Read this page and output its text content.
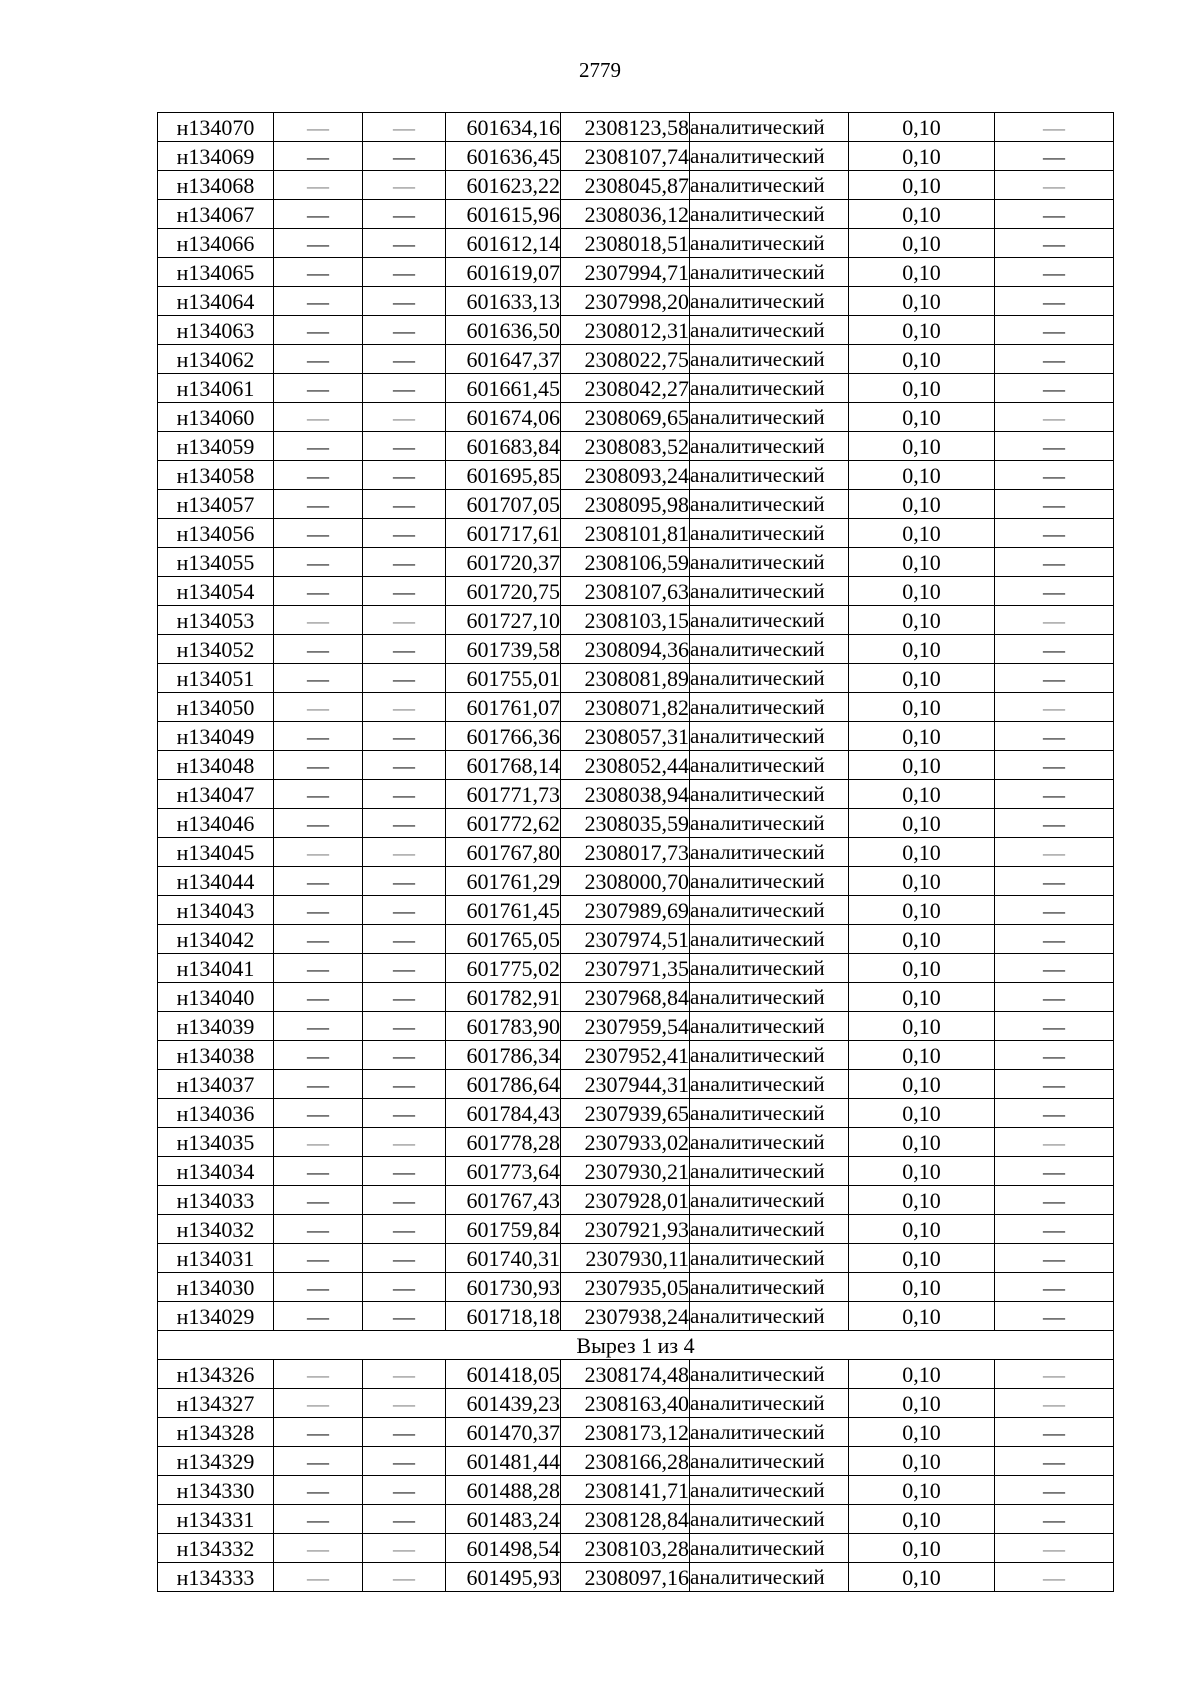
2779
н134070	—	—	601634,16	2308123,58	аналитический	0,10	—
н134069	—	—	601636,45	2308107,74	аналитический	0,10	—
н134068	—	—	601623,22	2308045,87	аналитический	0,10	—
н134067	—	—	601615,96	2308036,12	аналитический	0,10	—
н134066	—	—	601612,14	2308018,51	аналитический	0,10	—
н134065	—	—	601619,07	2307994,71	аналитический	0,10	—
н134064	—	—	601633,13	2307998,20	аналитический	0,10	—
н134063	—	—	601636,50	2308012,31	аналитический	0,10	—
н134062	—	—	601647,37	2308022,75	аналитический	0,10	—
н134061	—	—	601661,45	2308042,27	аналитический	0,10	—
н134060	—	—	601674,06	2308069,65	аналитический	0,10	—
н134059	—	—	601683,84	2308083,52	аналитический	0,10	—
н134058	—	—	601695,85	2308093,24	аналитический	0,10	—
н134057	—	—	601707,05	2308095,98	аналитический	0,10	—
н134056	—	—	601717,61	2308101,81	аналитический	0,10	—
н134055	—	—	601720,37	2308106,59	аналитический	0,10	—
н134054	—	—	601720,75	2308107,63	аналитический	0,10	—
н134053	—	—	601727,10	2308103,15	аналитический	0,10	—
н134052	—	—	601739,58	2308094,36	аналитический	0,10	—
н134051	—	—	601755,01	2308081,89	аналитический	0,10	—
н134050	—	—	601761,07	2308071,82	аналитический	0,10	—
н134049	—	—	601766,36	2308057,31	аналитический	0,10	—
н134048	—	—	601768,14	2308052,44	аналитический	0,10	—
н134047	—	—	601771,73	2308038,94	аналитический	0,10	—
н134046	—	—	601772,62	2308035,59	аналитический	0,10	—
н134045	—	—	601767,80	2308017,73	аналитический	0,10	—
н134044	—	—	601761,29	2308000,70	аналитический	0,10	—
н134043	—	—	601761,45	2307989,69	аналитический	0,10	—
н134042	—	—	601765,05	2307974,51	аналитический	0,10	—
н134041	—	—	601775,02	2307971,35	аналитический	0,10	—
н134040	—	—	601782,91	2307968,84	аналитический	0,10	—
н134039	—	—	601783,90	2307959,54	аналитический	0,10	—
н134038	—	—	601786,34	2307952,41	аналитический	0,10	—
н134037	—	—	601786,64	2307944,31	аналитический	0,10	—
н134036	—	—	601784,43	2307939,65	аналитический	0,10	—
н134035	—	—	601778,28	2307933,02	аналитический	0,10	—
н134034	—	—	601773,64	2307930,21	аналитический	0,10	—
н134033	—	—	601767,43	2307928,01	аналитический	0,10	—
н134032	—	—	601759,84	2307921,93	аналитический	0,10	—
н134031	—	—	601740,31	2307930,11	аналитический	0,10	—
н134030	—	—	601730,93	2307935,05	аналитический	0,10	—
н134029	—	—	601718,18	2307938,24	аналитический	0,10	—
Вырез 1 из 4							
н134326	—	—	601418,05	2308174,48	аналитический	0,10	—
н134327	—	—	601439,23	2308163,40	аналитический	0,10	—
н134328	—	—	601470,37	2308173,12	аналитический	0,10	—
н134329	—	—	601481,44	2308166,28	аналитический	0,10	—
н134330	—	—	601488,28	2308141,71	аналитический	0,10	—
н134331	—	—	601483,24	2308128,84	аналитический	0,10	—
н134332	—	—	601498,54	2308103,28	аналитический	0,10	—
н134333	—	—	601495,93	2308097,16	аналитический	0,10	—
